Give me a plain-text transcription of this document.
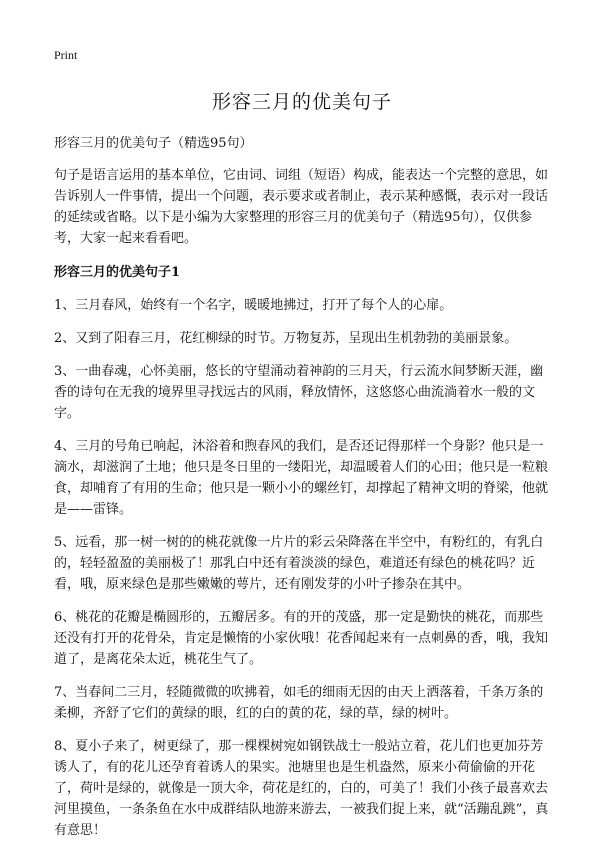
Print
形容三月的优美句子

形容三月的优美句子（精选95句）

句子是语言运用的基本单位，它由词、词组（短语）构成，能表达一个完整的意思，如告诉别人一件事情，提出一个问题，表示要求或者制止，表示某种感慨，表示对一段话的延续或省略。以下是小编为大家整理的形容三月的优美句子（精选95句），仅供参考，大家一起来看看吧。

形容三月的优美句子1
1、三月春风，始终有一个名字，暖暖地拂过，打开了每个人的心扉。
2、又到了阳春三月，花红柳绿的时节。万物复苏，呈现出生机勃勃的美丽景象。
3、一曲春魂，心怀美丽，悠长的守望涌动着神韵的三月天，行云流水间梦断天涯，幽香的诗句在无我的境界里寻找远古的风雨，释放情怀，这悠悠心曲流淌着水一般的文字。
4、三月的号角已响起，沐浴着和煦春风的我们，是否还记得那样一个身影？他只是一滴水，却滋润了土地；他只是冬日里的一缕阳光，却温暖着人们的心田；他只是一粒粮食，却哺育了有用的生命；他只是一颗小小的螺丝钉，却撑起了精神文明的脊梁，他就是——雷锋。
5、远看，那一树一树的的桃花就像一片片的彩云朵降落在半空中，有粉红的，有乳白的，轻轻盈盈的美丽极了！那乳白中还有着淡淡的绿色，难道还有绿色的桃花吗？近看，哦，原来绿色是那些嫩嫩的萼片，还有刚发芽的小叶子掺杂在其中。
6、桃花的花瓣是椭圆形的，五瓣居多。有的开的茂盛，那一定是勤快的桃花，而那些还没有打开的花骨朵，肯定是懒惰的小家伙哦！花香闻起来有一点刺鼻的香，哦，我知道了，是离花朵太近，桃花生气了。
7、当春间二三月，轻随微微的吹拂着，如毛的细雨无因的由天上洒落着，千条万条的柔柳，齐舒了它们的黄绿的眼，红的白的黄的花，绿的草，绿的树叶。
8、夏小子来了，树更绿了，那一棵棵树宛如钢铁战士一般站立着，花儿们也更加芬芳诱人了，有的花儿还孕育着诱人的果实。池塘里也是生机盎然，原来小荷偷偷的开花了，荷叶是绿的，就像是一顶大伞，荷花是红的，白的，可美了！我们小孩子最喜欢去河里摸鱼，一条条鱼在水中成群结队地游来游去，一被我们捉上来，就“活蹦乱跳”，真有意思！
